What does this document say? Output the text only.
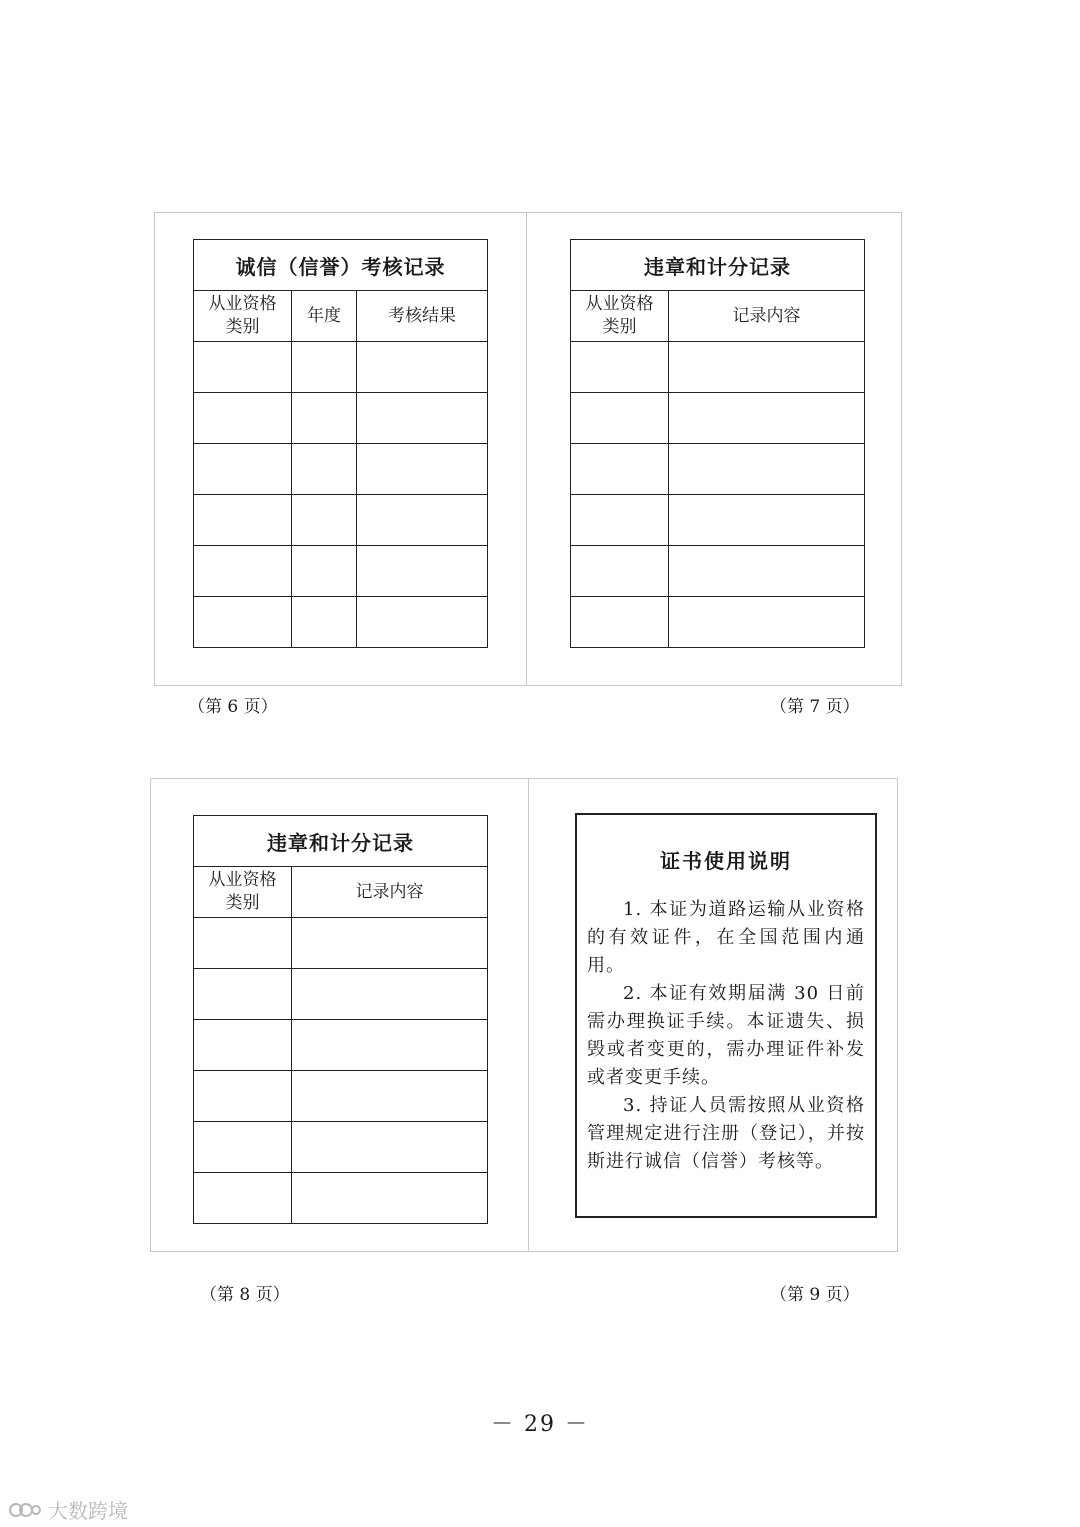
诚信（信誉）考核记录		
从业资格
类别	年度	考核结果

违章和计分记录	
从业资格
类别	记录内容

（第 6 页）	（第 7 页）
违章和计分记录	
从业资格
类别	记录内容

证书使用说明
1. 本证为道路运输从业资格的有效证件，在全国范围内通用。
2. 本证有效期届满 30 日前需办理换证手续。本证遗失、损毁或者变更的，需办理证件补发或者变更手续。
3. 持证人员需按照从业资格管理规定进行注册（登记），并按斯进行诚信（信誉）考核等。
（第 8 页）	（第 9 页）
－ 29 －
大数跨境
